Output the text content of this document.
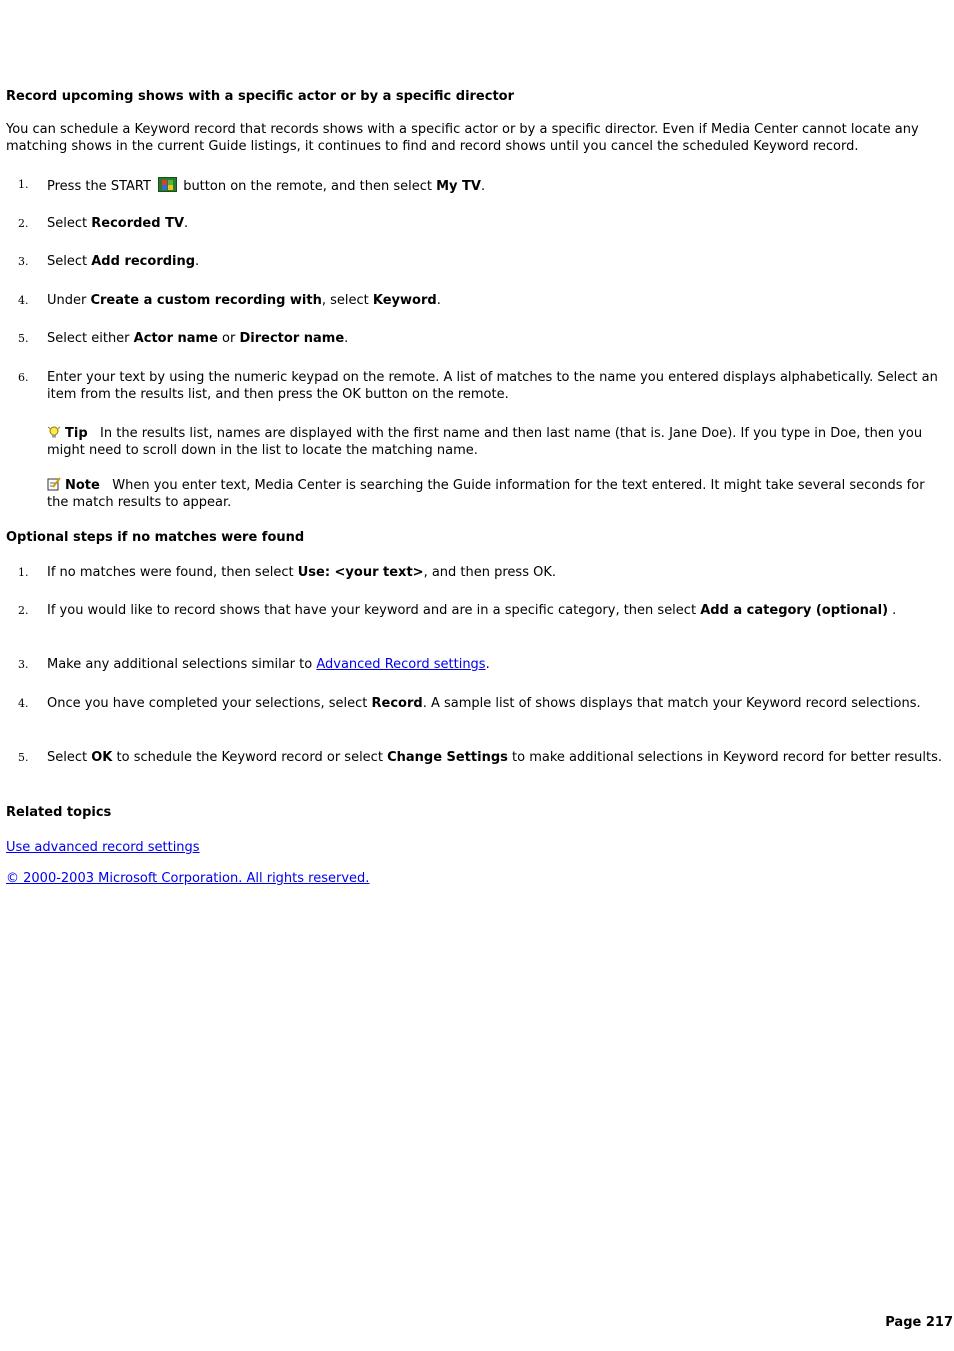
Record upcoming shows with a specific actor or by a specific director
You can schedule a Keyword record that records shows with a specific actor or by a specific director. Even if Media Center cannot locate any matching shows in the current Guide listings, it continues to find and record shows until you cancel the scheduled Keyword record.
1. Press the START
button on the remote, and then select My TV.
2. Select Recorded TV.
3. Select Add recording.
4. Under Create a custom recording with, select Keyword.
5. Select either Actor name or Director name.
6. Enter your text by using the numeric keypad on the remote. A list of matches to the name you entered displays alphabetically. Select an item from the results list, and then press the OK button on the remote.
Tip   In the results list, names are displayed with the first name and then last name (that is. Jane Doe). If you type in Doe, then you might need to scroll down in the list to locate the matching name.
Note   When you enter text, Media Center is searching the Guide information for the text entered. It might take several seconds for the match results to appear.
Optional steps if no matches were found
1. If no matches were found, then select Use: <your text>, and then press OK.
2. If you would like to record shows that have your keyword and are in a specific category, then select Add a category (optional) .
3. Make any additional selections similar to Advanced Record settings.
4. Once you have completed your selections, select Record. A sample list of shows displays that match your Keyword record selections.
5. Select OK to schedule the Keyword record or select Change Settings to make additional selections in Keyword record for better results.
Related topics
Use advanced record settings
© 2000-2003 Microsoft Corporation. All rights reserved.
Page 217
